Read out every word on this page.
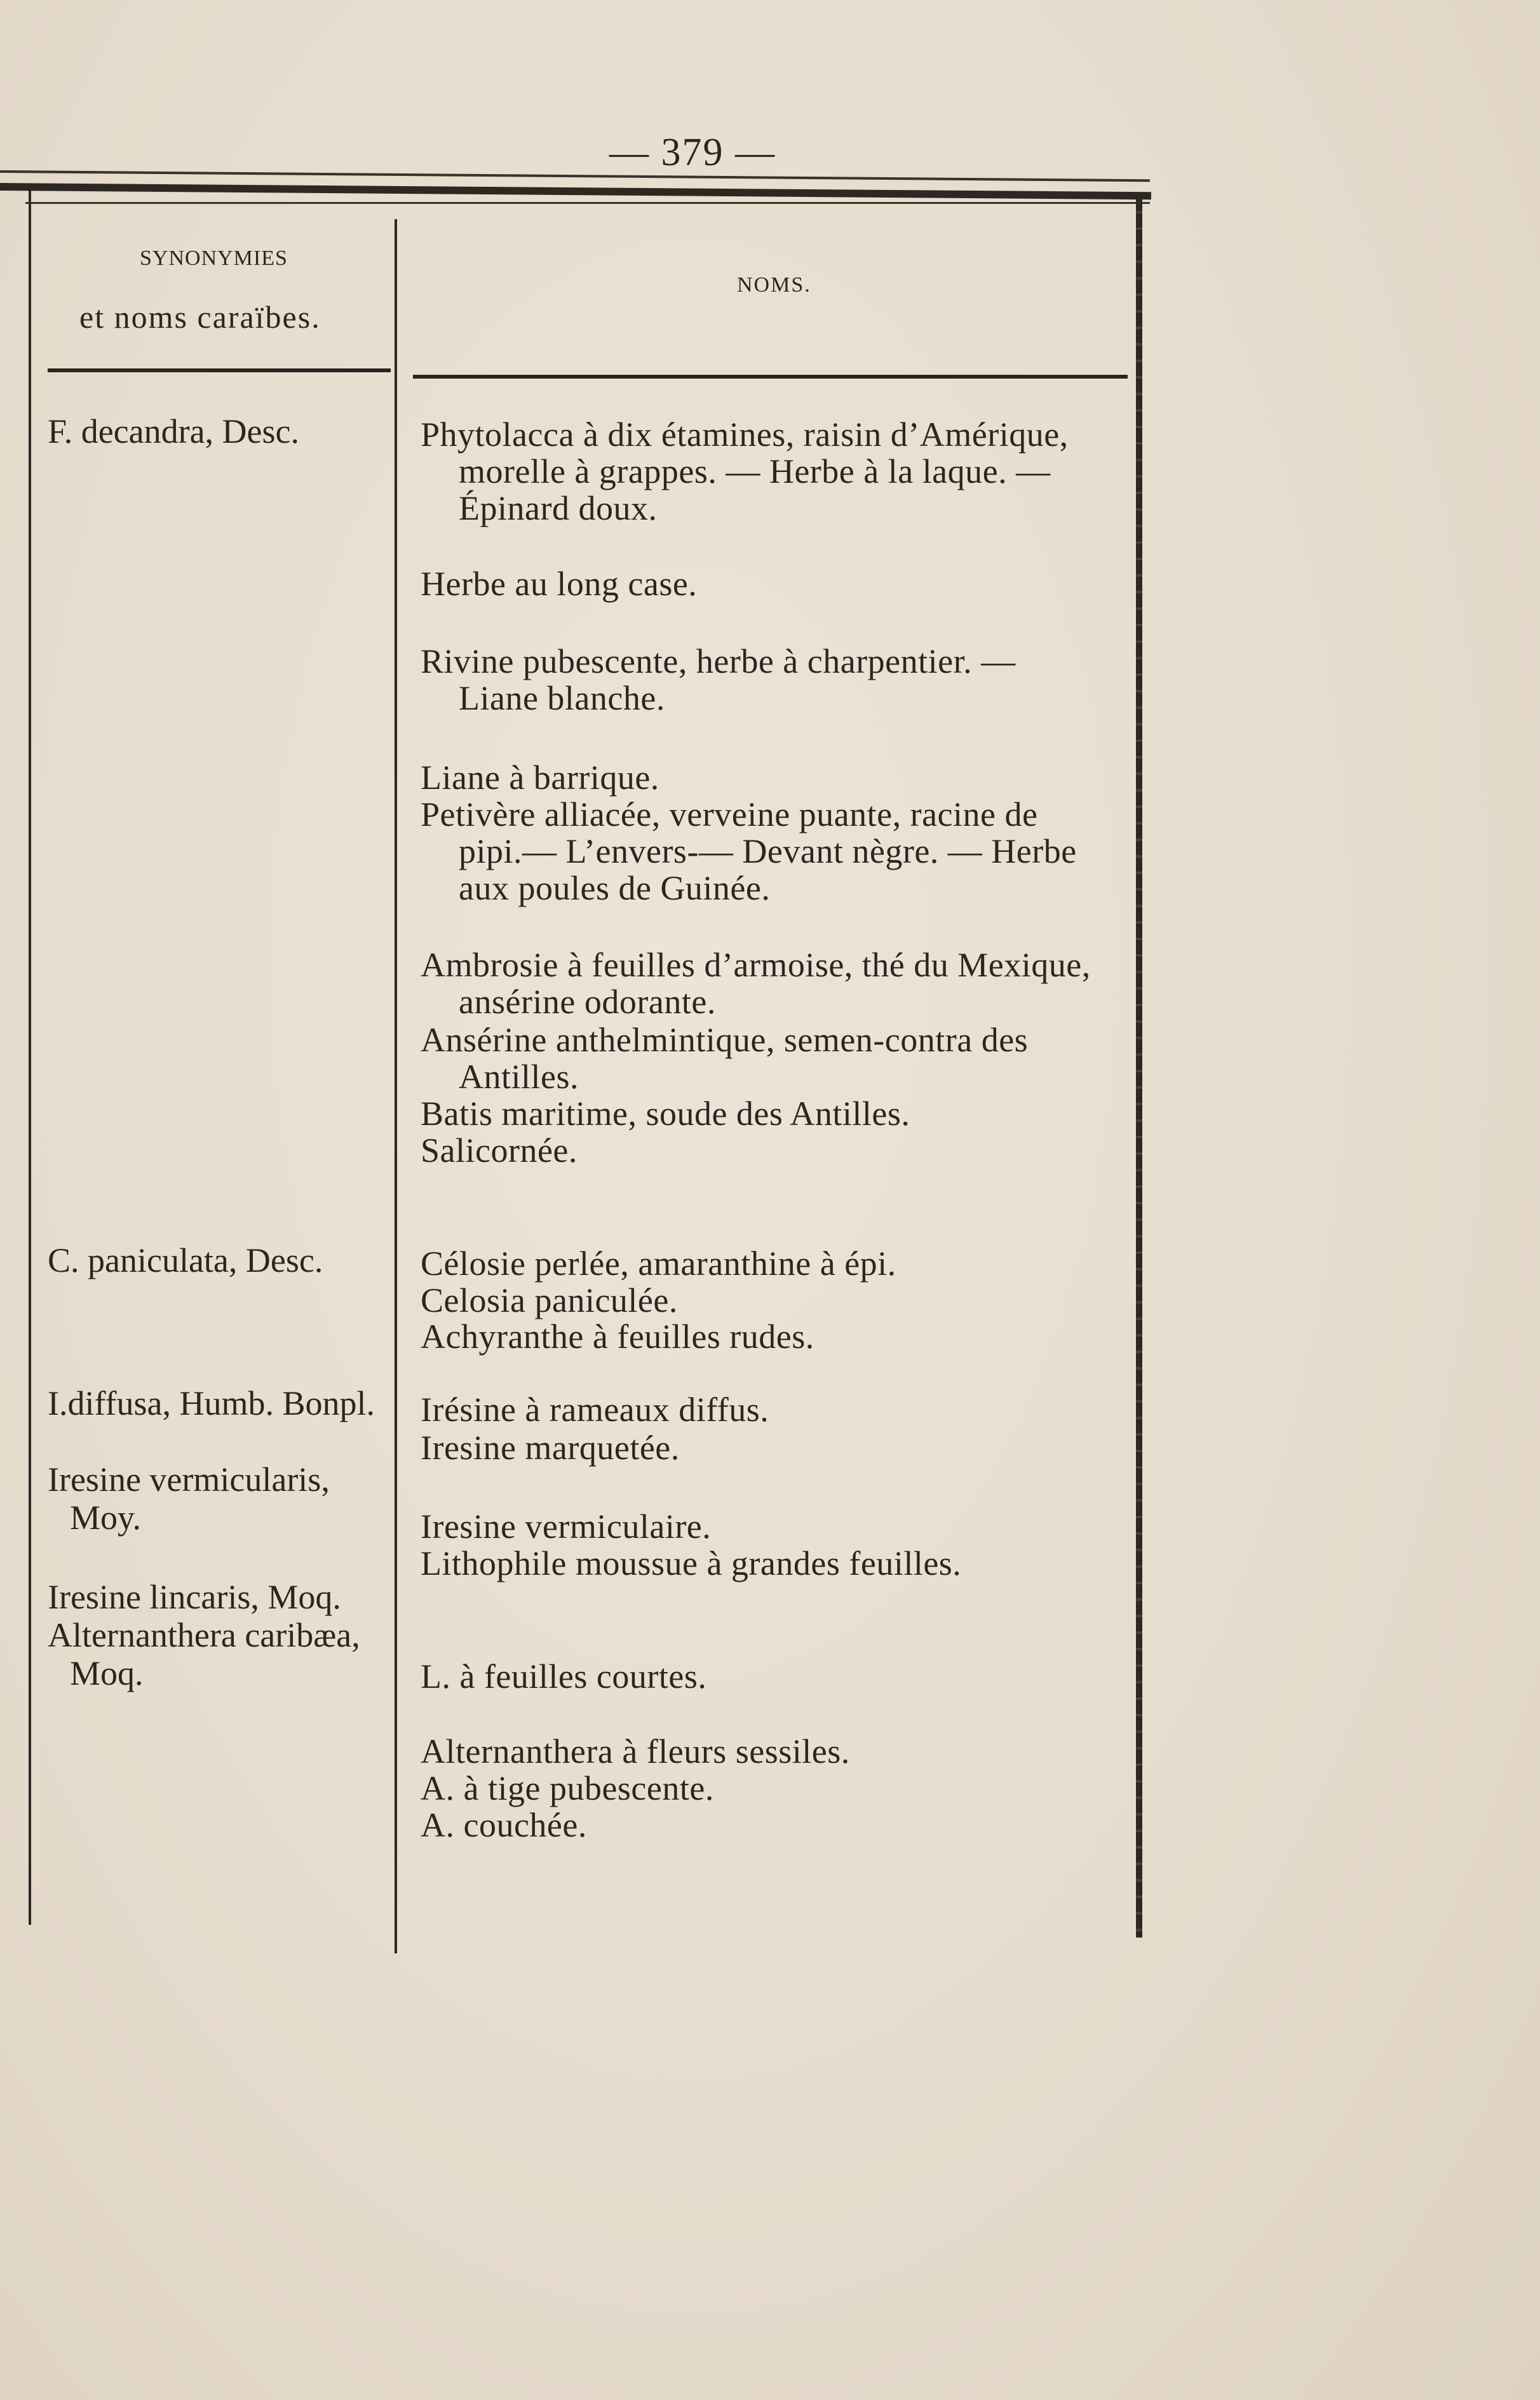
— 379 —
SYNONYMIES
et noms caraïbes.
NOMS.
F. decandra, Desc.
C. paniculata, Desc.
I.diffusa, Humb. Bonpl.
Iresine vermicularis,
Moy.
Iresine lincaris, Moq.
Alternanthera caribæa,
Moq.
Phytolacca à dix étamines, raisin d’Amérique,
morelle à grappes. — Herbe à la laque. —
Épinard doux.
Herbe au long case.
Rivine pubescente, herbe à charpentier. —
Liane blanche.
Liane à barrique.
Petivère alliacée, verveine puante, racine de
pipi.— L’envers-— Devant nègre. — Herbe
aux poules de Guinée.
Ambrosie à feuilles d’armoise, thé du Mexique,
ansérine odorante.
Ansérine anthelmintique, semen-contra des
Antilles.
Batis maritime, soude des Antilles.
Salicornée.
Célosie perlée, amaranthine à épi.
Celosia paniculée.
Achyranthe à feuilles rudes.
Irésine à rameaux diffus.
Iresine marquetée.
Iresine vermiculaire.
Lithophile moussue à grandes feuilles.
L. à feuilles courtes.
Alternanthera à fleurs sessiles.
A. à tige pubescente.
A. couchée.
